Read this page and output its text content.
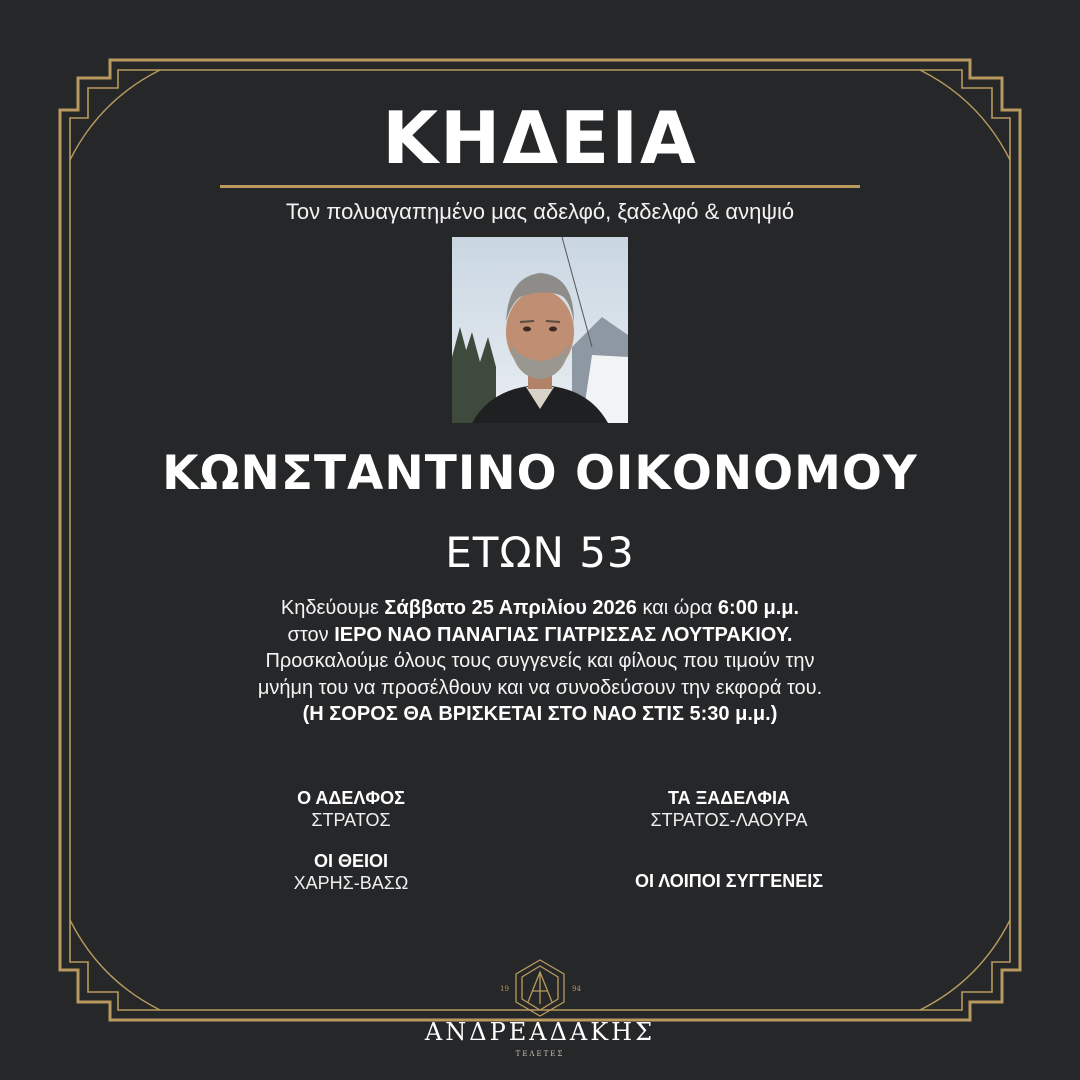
ΚΗΔΕΙΑ
Τον πολυαγαπημένο μας αδελφό, ξαδελφό & ανηψιό
ΚΩΝΣΤΑΝΤΙΝΟ ΟΙΚΟΝΟΜΟΥ
ΕΤΩΝ 53
Κηδεύουμε Σάββατο 25 Απριλίου 2026 και ώρα 6:00 μ.μ.
στον ΙΕΡΟ ΝΑΟ ΠΑΝΑΓΙΑΣ ΓΙΑΤΡΙΣΣΑΣ ΛΟΥΤΡΑΚΙΟΥ.
Προσκαλούμε όλους τους συγγενείς και φίλους που τιμούν την
μνήμη του να προσέλθουν και να συνοδεύσουν την εκφορά του.
(Η ΣΟΡΟΣ ΘΑ ΒΡΙΣΚΕΤΑΙ ΣΤΟ ΝΑΟ ΣΤΙΣ 5:30 μ.μ.)
Ο ΑΔΕΛΦΟΣ
ΣΤΡΑΤΟΣ
ΟΙ ΘΕΙΟΙ
ΧΑΡΗΣ-ΒΑΣΩ
ΤΑ ΞΑΔΕΛΦΙΑ
ΣΤΡΑΤΟΣ-ΛΑΟΥΡΑ
ΟΙ ΛΟΙΠΟΙ ΣΥΓΓΕΝΕΙΣ
19	94
ΑΝΔΡΕΑΔΑΚΗΣ
ΤΕΛΕΤΕΣ
